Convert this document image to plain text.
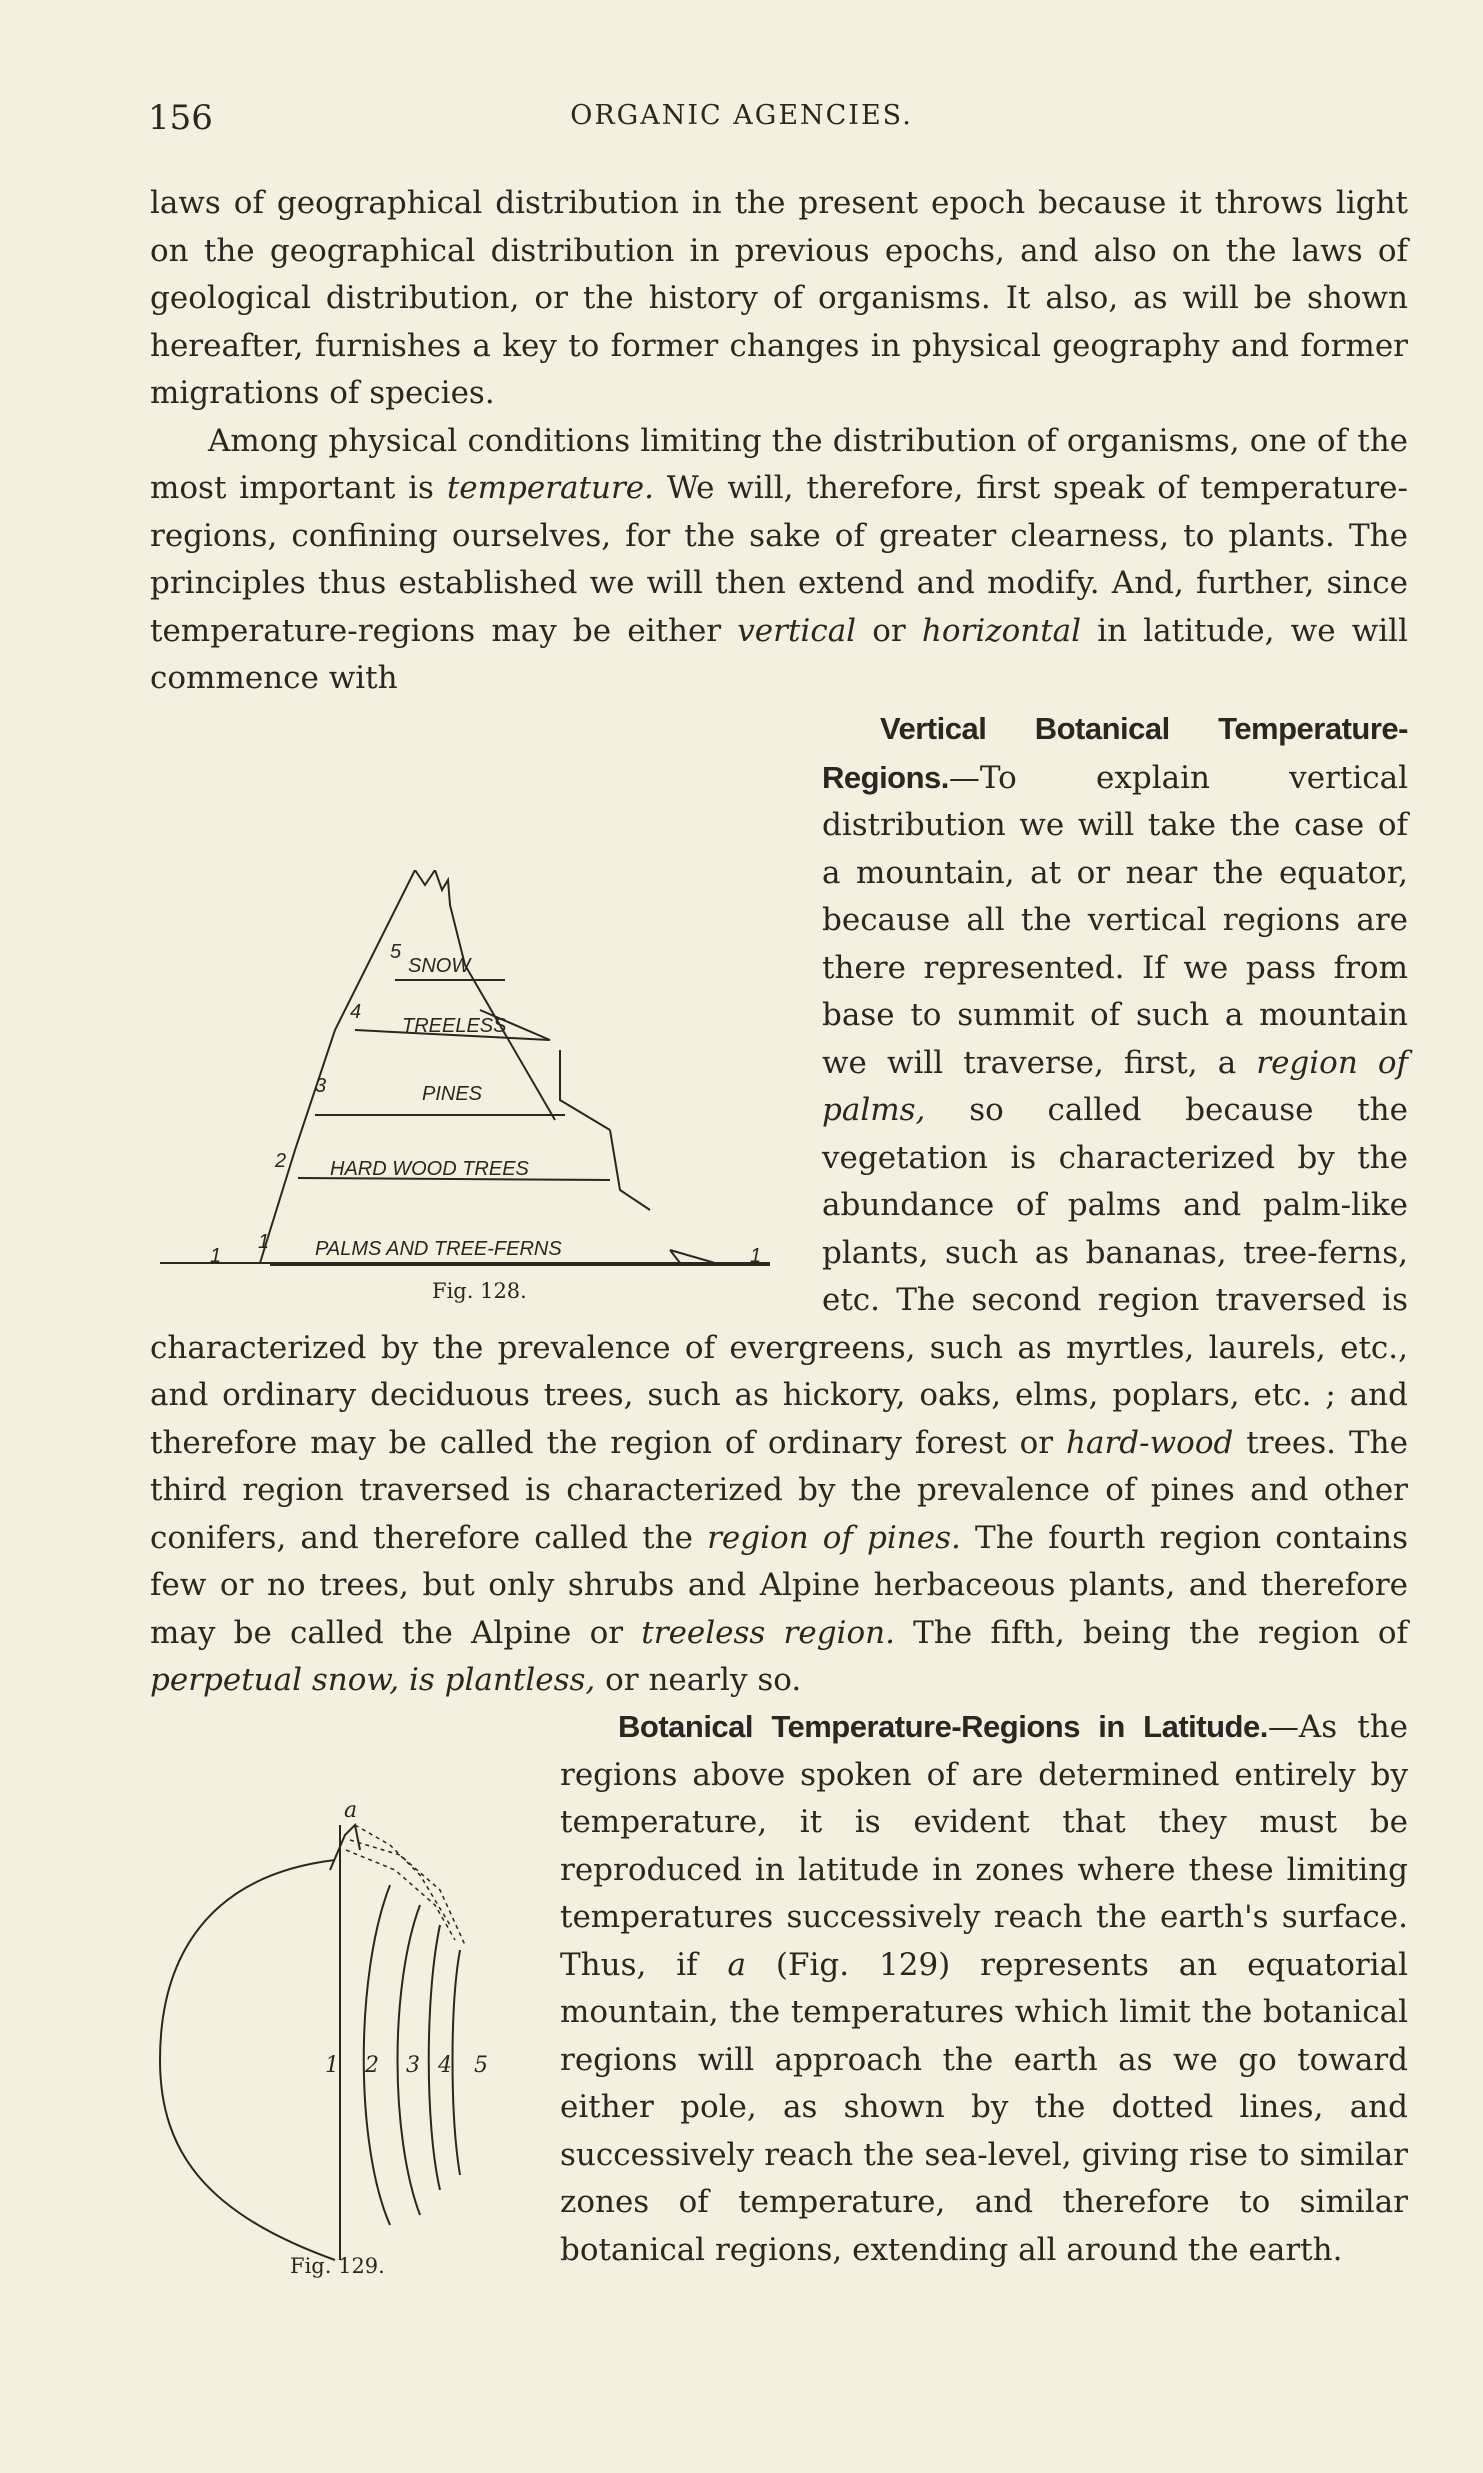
156	ORGANIC AGENCIES.

laws of geographical distribution in the present epoch because it throws light on the geographical distribution in previous epochs, and also on the laws of geological distribution, or the history of organisms. It also, as will be shown hereafter, furnishes a key to former changes in physical geography and former migrations of species.

Among physical conditions limiting the distribution of organisms, one of the most important is temperature. We will, therefore, first speak of temperature-regions, confining ourselves, for the sake of greater clearness, to plants. The principles thus established we will then extend and modify. And, further, since temperature-regions may be either vertical or horizontal in latitude, we will commence with

Vertical Botanical Temperature-Regions.—To explain vertical distribution we will take the case of a mountain, at or near the equator, because all the vertical regions are there represented. If we pass from base to summit of such a mountain we will traverse, first, a region of palms, so called because the vegetation is characterized by the abundance of palms and palm-like plants, such as bananas, tree-ferns, etc. The second region traversed is characterized by the prevalence of evergreens, such as myrtles, laurels, etc., and ordinary deciduous trees, such as hickory, oaks, elms, poplars, etc. ; and therefore may be called the region of ordinary forest or hard-wood trees. The third region traversed is characterized by the prevalence of pines and other conifers, and therefore called the region of pines. The fourth region contains few or no trees, but only shrubs and Alpine herbaceous plants, and therefore may be called the Alpine or treeless region. The fifth, being the region of perpetual snow, is plantless, or nearly so.

Botanical Temperature-Regions in Latitude.—As the regions above spoken of are determined entirely by temperature, it is evident that they must be reproduced in latitude in zones where these limiting temperatures successively reach the earth's surface. Thus, if a (Fig. 129) represents an equatorial mountain, the temperatures which limit the botanical regions will approach the earth as we go toward either pole, as shown by the dotted lines, and successively reach the sea-level, giving rise to similar zones of temperature, and therefore to similar botanical regions, extending all around the earth.

SNOW
TREELESS
PINES
HARD WOOD TREES
PALMS AND TREE-FERNS
5
4
3
2
1
1	1
Fig. 128.
a
1 2 3 4 5
Fig. 129.
